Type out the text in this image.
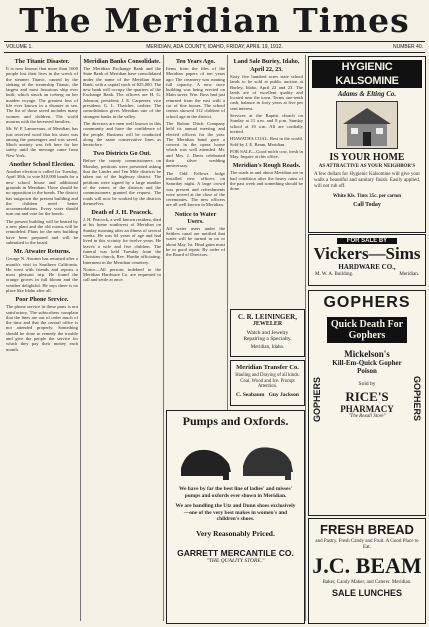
The Meridian Times
VOLUME 1.	MERIDIAN, ADA COUNTY, IDAHO, FRIDAY, APRIL 19, 1912.	NUMBER 40.
The Titanic Disaster.

It is now known that more than 1600 people lost their lives in the wreck of the steamer Titanic, caused by the sinking of the steamship Titanic, the largest and most luxurious ship ever built, which struck an iceberg on her maiden voyage. The greatest loss of life ever known in a disaster at sea. The list of those saved includes many women and children. The world mourns with the bereaved families.

Mr. W. F. Lamoreaux, of Meridian, has just received word that his sister was among the passengers and was saved. Much anxiety was felt here for her safety until the message came from New York.

Another School Election.

Another election is called for Tuesday, April 30th, to vote $10,000 bonds for a new school house and additional grounds in Meridian. There should be no opposition to the bonds. The district has outgrown the present building and the children need better accommodations. Every voter should turn out and vote for the bonds.

The present building will be heated by a new plant and the old rooms will be remodeled. Plans for the new building have been prepared and will be submitted to the board.

Mr. Atwater Returns.

George N. Atwater has returned after a month's visit in Southern California. He went with friends and reports a most pleasant trip. He found the orange groves in full bloom and the weather delightful. He says there is no place like Idaho after all.

Poor Phone Service.

The phone service in these parts is not satisfactory. The subscribers complain that the lines are out of order much of the time and that the central office is not attended properly. Something should be done to remedy the trouble and give the people the service for which they pay their money each month.

Meridian Banks Consolidate.

The Meridian Exchange Bank and the State Bank of Meridian have consolidated under the name of the Meridian State Bank, with a capital stock of $25,000. The new bank will occupy the quarters of the Exchange Bank. The officers are H. G. Johnson, president; J. E. Carpenter, vice president; G. L. Thatcher, cashier. The consolidation gives Meridian one of the strongest banks in the valley.

The directors are men well known in this community and have the confidence of the people. Business will be conducted along the same conservative lines as heretofore.

Two Districts Go Out.

Before the county commissioners on Monday, petitions were presented asking that the Linder and Ten Mile districts be taken out of the highway district. The petitions were signed by a large number of the voters of the districts and the commissioners granted the request. The roads will now be worked by the districts themselves.

Death of J. H. Peacock.

J. H. Peacock, a well known resident, died at his home southwest of Meridian on Sunday morning after an illness of several weeks. He was 64 years of age and had lived in this vicinity for twelve years. He leaves a wife and five children. The funeral was held Tuesday from the Christian church, Rev. Hardin officiating. Interment in the Meridian cemetery.

Notice—All persons indebted to the Meridian Hardware Co. are requested to call and settle at once.

Ten Years Ago.

Items from the files of the Meridian papers of ten years ago: The creamery was running full capacity. A new store building was being erected on Main street. Wm. Ross had just returned from the east with a car of fine horses. The school census showed 312 children of school age in the district.

The Bolton Ditch Company held its annual meeting and elected officers for the year. The Meridian band gave a concert in the opera house which was well attended. Mr. and Mrs. J. Davis celebrated their silver wedding anniversary.

The Odd Fellows lodge installed new officers on Saturday night. A large crowd was present and refreshments were served at the close of the ceremonies. The new officers are all well known in Meridian.

Notice to Water Users.

All water users under the Settlers canal are notified that water will be turned in on or about May 1st. Head gates must be in good repair. By order of the Board of Directors.

Land Sale Buriey, Idaho,
April 22, 23.

Sixty five hundred acres state school lands to be sold at public auction at Burley, Idaho, April 22 and 23. The lands are of excellent quality and located near the town. Terms one-tenth cash, balance in forty years at five per cent interest.

Services at the Baptist church on Sunday at 11 a.m. and 8 p.m. Sunday school at 10 a.m. All are cordially invited.

HIAWATHA COAL. Best in the world. Sold by J. E. Beam, Meridian.

FOR SALE—Good milch cow, fresh in May. Inquire at this office.

Meridian's Rough Roads.

The roads in and about Meridian are in bad condition after the heavy rains of the past week and something should be done.

HYGIENIC KALSOMINE
Adams & Elting Co.
IS YOUR HOME
AS ATTRACTIVE AS YOUR NEIGHBOR'S

A few dollars for Hygienic Kalsomine will give your walls a beautiful and sanitary finish. Easily applied, will not rub off.

White Kls. Tints 35c. per carton
Call Today
FOR SALE BY
Vickers—Sims
HARDWARE CO.,
M. W. A. Building.	Meridian.
C. R. LEININGER,
JEWELER
Watch and Jewelry
Repairing a Specialty.
Meridian, Idaho.
Meridian Transfer Co.

Hauling and Draying of all kinds. Coal, Wood and Ice. Prompt Attention.

C. Seabaum Guy Jackson
Pumps and Oxfords.

We have by far the best line of ladies' and misses' pumps and oxfords ever shown in Meridian.

We are handling the Utz and Dunn shoes exclusively—one of the very best makes in women's and children's shoes.

Very Reasonably Priced.
GARRETT MERCANTILE CO.
"THE QUALITY STORE."
GOPHERS
GOPHERS	GOPHERS
Quick Death For Gophers
Mickelson's
Kill-Em-Quick Gopher Poison
Sold by
RICE'S
PHARMACY
"The Rexall Store"
FRESH BREAD

and Pastry. Fresh Candy and Fruit. A Good Place to Eat.

J.C. BEAM

Baker, Candy Maker, and Caterer. Meridian.

SALE LUNCHES
